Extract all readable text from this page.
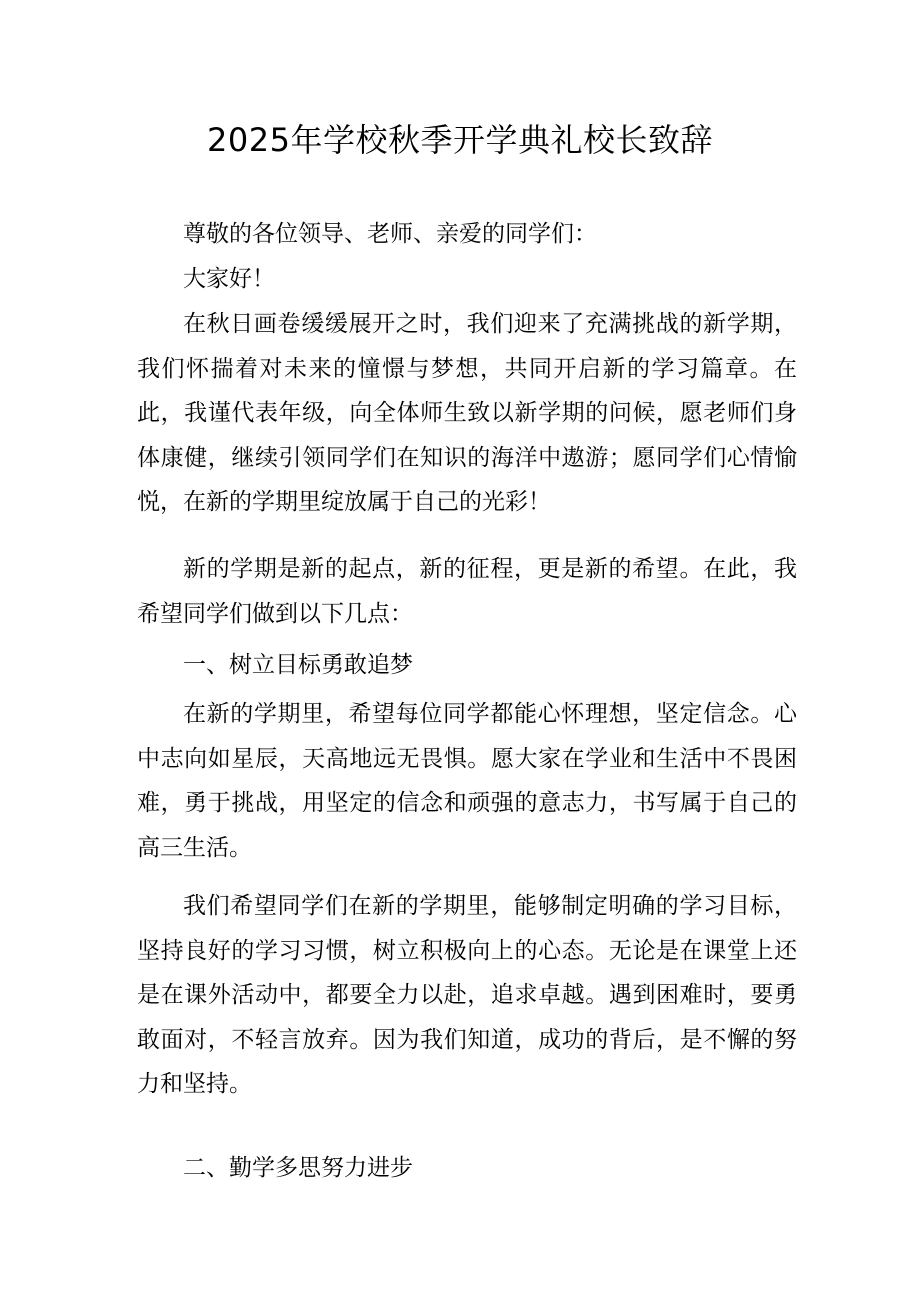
2025年学校秋季开学典礼校长致辞
尊敬的各位领导、老师、亲爱的同学们：
大家好！
在秋日画卷缓缓展开之时，我们迎来了充满挑战的新学期，我们怀揣着对未来的憧憬与梦想，共同开启新的学习篇章。在此，我谨代表年级，向全体师生致以新学期的问候，愿老师们身体康健，继续引领同学们在知识的海洋中遨游；愿同学们心情愉悦，在新的学期里绽放属于自己的光彩！
新的学期是新的起点，新的征程，更是新的希望。在此，我希望同学们做到以下几点：
一、树立目标勇敢追梦
在新的学期里，希望每位同学都能心怀理想，坚定信念。心中志向如星辰，天高地远无畏惧。愿大家在学业和生活中不畏困难，勇于挑战，用坚定的信念和顽强的意志力，书写属于自己的高三生活。
我们希望同学们在新的学期里，能够制定明确的学习目标，坚持良好的学习习惯，树立积极向上的心态。无论是在课堂上还是在课外活动中，都要全力以赴，追求卓越。遇到困难时，要勇敢面对，不轻言放弃。因为我们知道，成功的背后，是不懈的努力和坚持。
二、勤学多思努力进步
